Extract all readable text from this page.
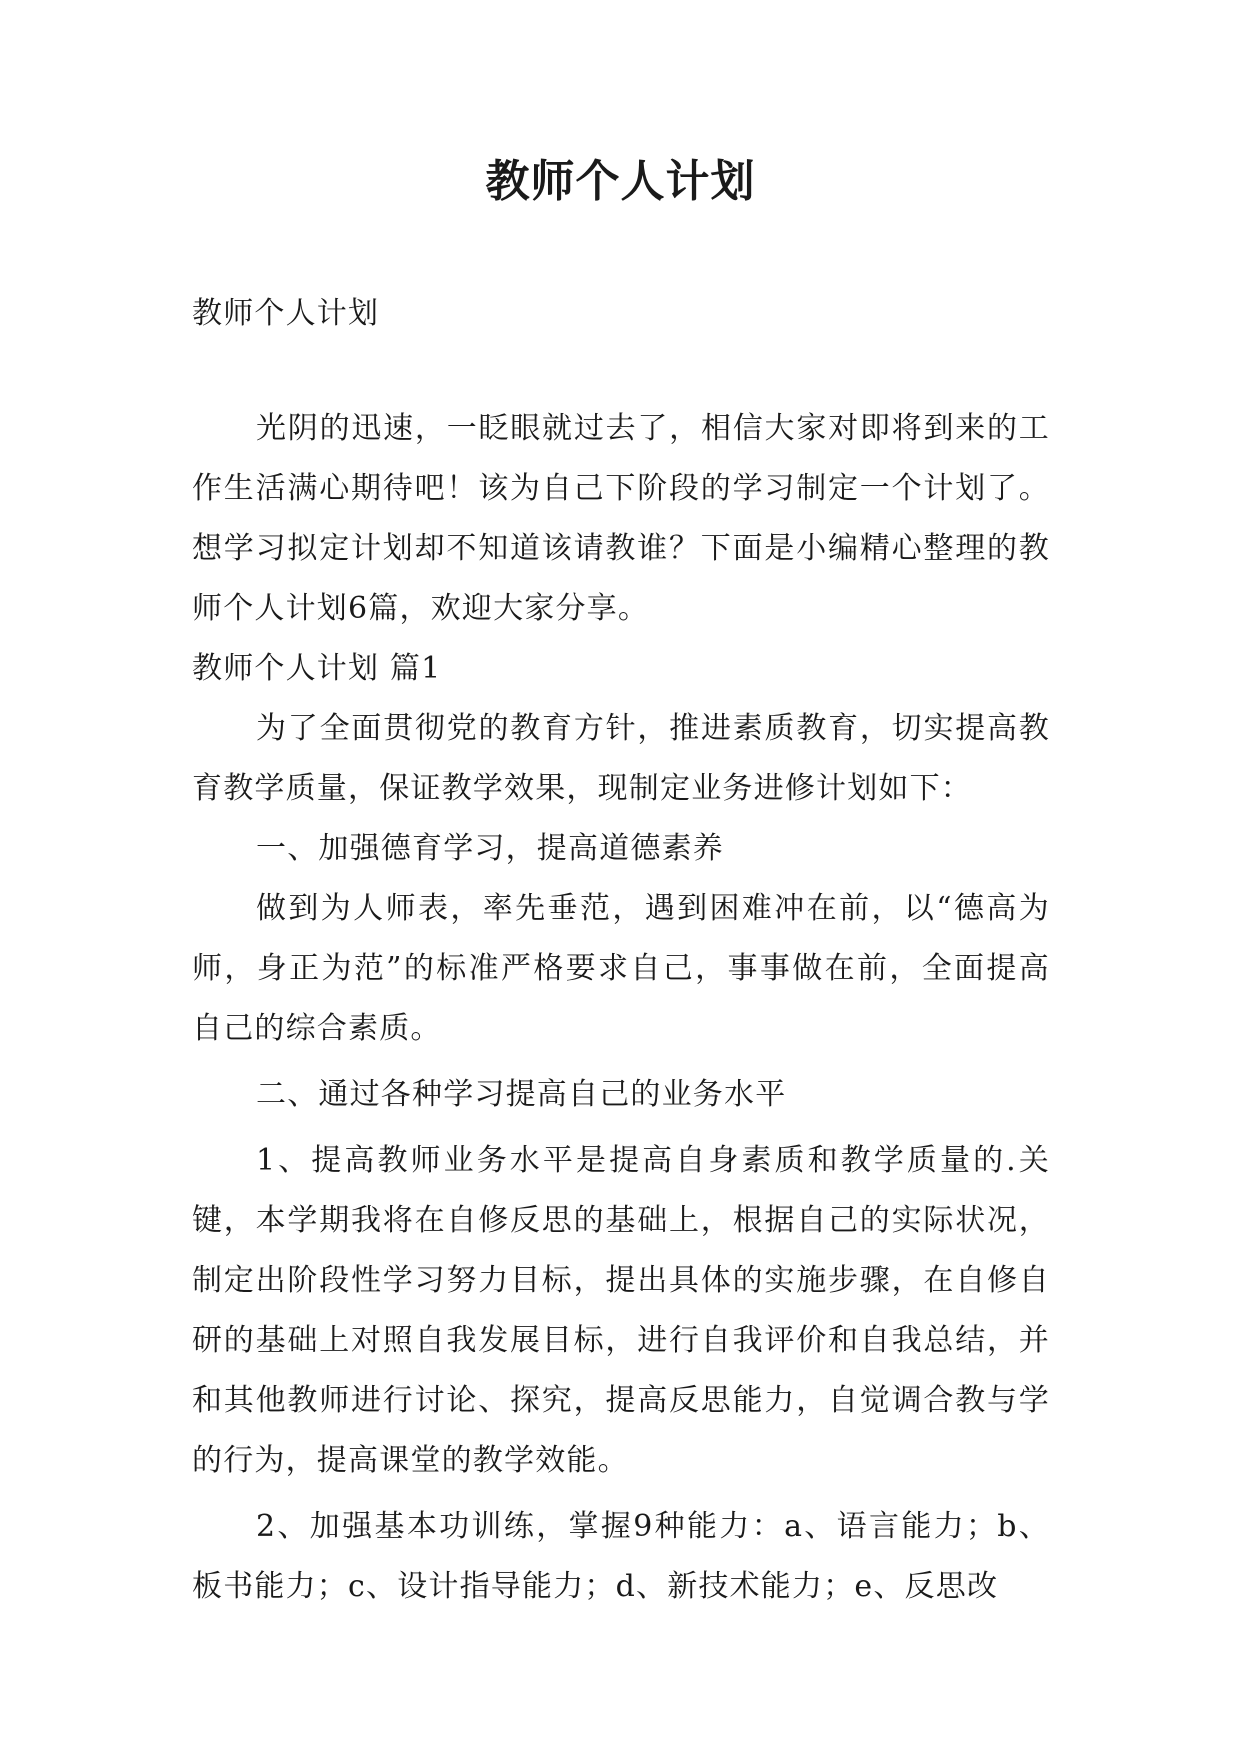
教师个人计划

教师个人计划

光阴的迅速，一眨眼就过去了，相信大家对即将到来的工作生活满心期待吧！该为自己下阶段的学习制定一个计划了。想学习拟定计划却不知道该请教谁？下面是小编精心整理的教师个人计划6篇，欢迎大家分享。

教师个人计划 篇1

为了全面贯彻党的教育方针，推进素质教育，切实提高教育教学质量，保证教学效果，现制定业务进修计划如下：

一、加强德育学习，提高道德素养

做到为人师表，率先垂范，遇到困难冲在前，以“德高为师，身正为范”的标准严格要求自己，事事做在前，全面提高自己的综合素质。

二、通过各种学习提高自己的业务水平

1、提高教师业务水平是提高自身素质和教学质量的.关键，本学期我将在自修反思的基础上，根据自己的实际状况，制定出阶段性学习努力目标，提出具体的实施步骤，在自修自研的基础上对照自我发展目标，进行自我评价和自我总结，并和其他教师进行讨论、探究，提高反思能力，自觉调合教与学的行为，提高课堂的教学效能。

2、加强基本功训练，掌握9种能力：a、语言能力；b、板书能力；c、设计指导能力；d、新技术能力；e、反思改
